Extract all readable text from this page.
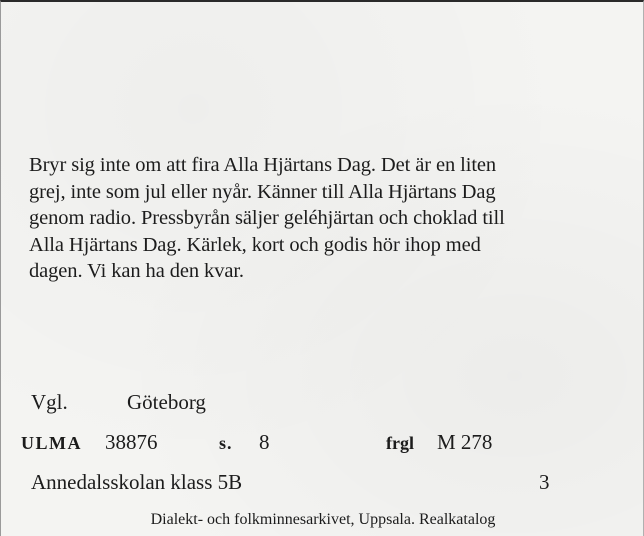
Bryr sig inte om att fira Alla Hjärtans Dag. Det är en liten
grej, inte som jul eller nyår. Känner till Alla Hjärtans Dag
genom radio. Pressbyrån säljer geléhjärtan och choklad till
Alla Hjärtans Dag. Kärlek, kort och godis hör ihop med
dagen. Vi kan ha den kvar.

Vgl.	Göteborg
ULMA 38876	s. 8	frgl M 278
Annedalsskolan klass 5B	3
Dialekt- och folkminnesarkivet, Uppsala. Realkatalog
